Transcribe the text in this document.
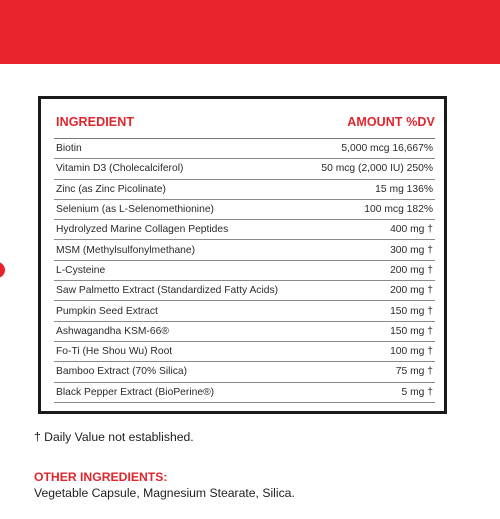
INGREDIENT	AMOUNT %DV
Biotin	5,000 mcg 16,667%
Vitamin D3 (Cholecalciferol)	50 mcg (2,000 IU) 250%
Zinc (as Zinc Picolinate)	15 mg 136%
Selenium (as L-Selenomethionine)	100 mcg 182%
Hydrolyzed Marine Collagen Peptides	400 mg †
MSM (Methylsulfonylmethane)	300 mg †
L-Cysteine	200 mg †
Saw Palmetto Extract (Standardized Fatty Acids)	200 mg †
Pumpkin Seed Extract	150 mg †
Ashwagandha KSM-66®	150 mg †
Fo-Ti (He Shou Wu) Root	100 mg †
Bamboo Extract (70% Silica)	75 mg †
Black Pepper Extract (BioPerine®)	5 mg †
† Daily Value not established.
OTHER INGREDIENTS:
Vegetable Capsule, Magnesium Stearate, Silica.
